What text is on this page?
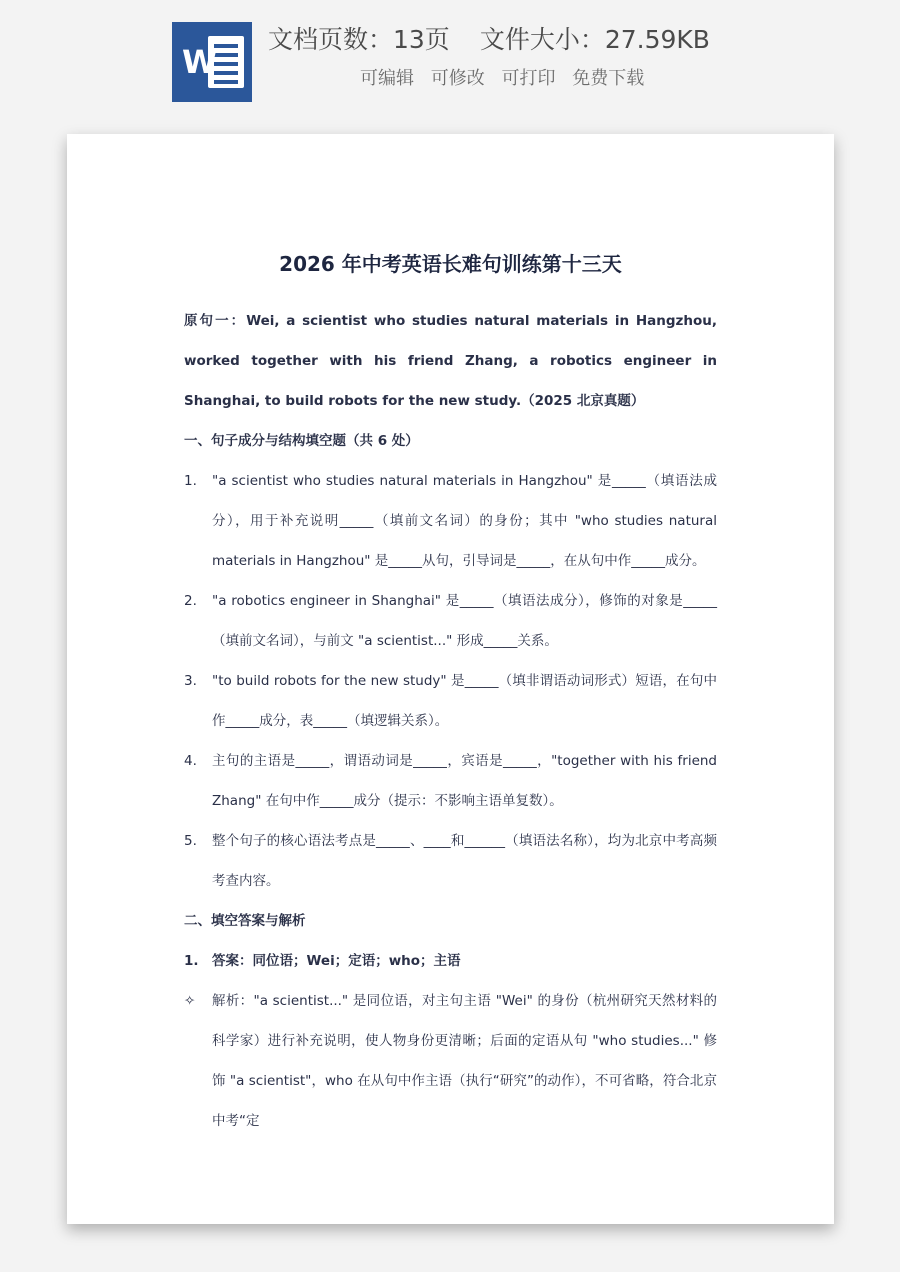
W
文档页数：13页 文件大小：27.59KB
可编辑 可修改 可打印 免费下载
2026 年中考英语长难句训练第十三天

原句一：Wei, a scientist who studies natural materials in Hangzhou, worked together with his friend Zhang, a robotics engineer in Shanghai, to build robots for the new study.（2025 北京真题）

一、句子成分与结构填空题（共 6 处）

1. "a scientist who studies natural materials in Hangzhou" 是_____（填语法成分），用于补充说明_____（填前文名词）的身份；其中 "who studies natural materials in Hangzhou" 是_____从句，引导词是_____，在从句中作_____成分。
2. "a robotics engineer in Shanghai" 是_____（填语法成分），修饰的对象是_____（填前文名词），与前文 "a scientist..." 形成_____关系。
3. "to build robots for the new study" 是_____（填非谓语动词形式）短语，在句中作_____成分，表_____（填逻辑关系）。
4. 主句的主语是_____，谓语动词是_____，宾语是_____，"together with his friend Zhang" 在句中作_____成分（提示：不影响主语单复数）。
5. 整个句子的核心语法考点是_____、____和______（填语法名称），均为北京中考高频考查内容。

二、填空答案与解析

1. 答案：同位语；Wei；定语；who；主语
✧ 解析："a scientist..." 是同位语，对主句主语 "Wei" 的身份（杭州研究天然材料的科学家）进行补充说明，使人物身份更清晰；后面的定语从句 "who studies..." 修饰 "a scientist"，who 在从句中作主语（执行“研究”的动作），不可省略，符合北京中考“定
